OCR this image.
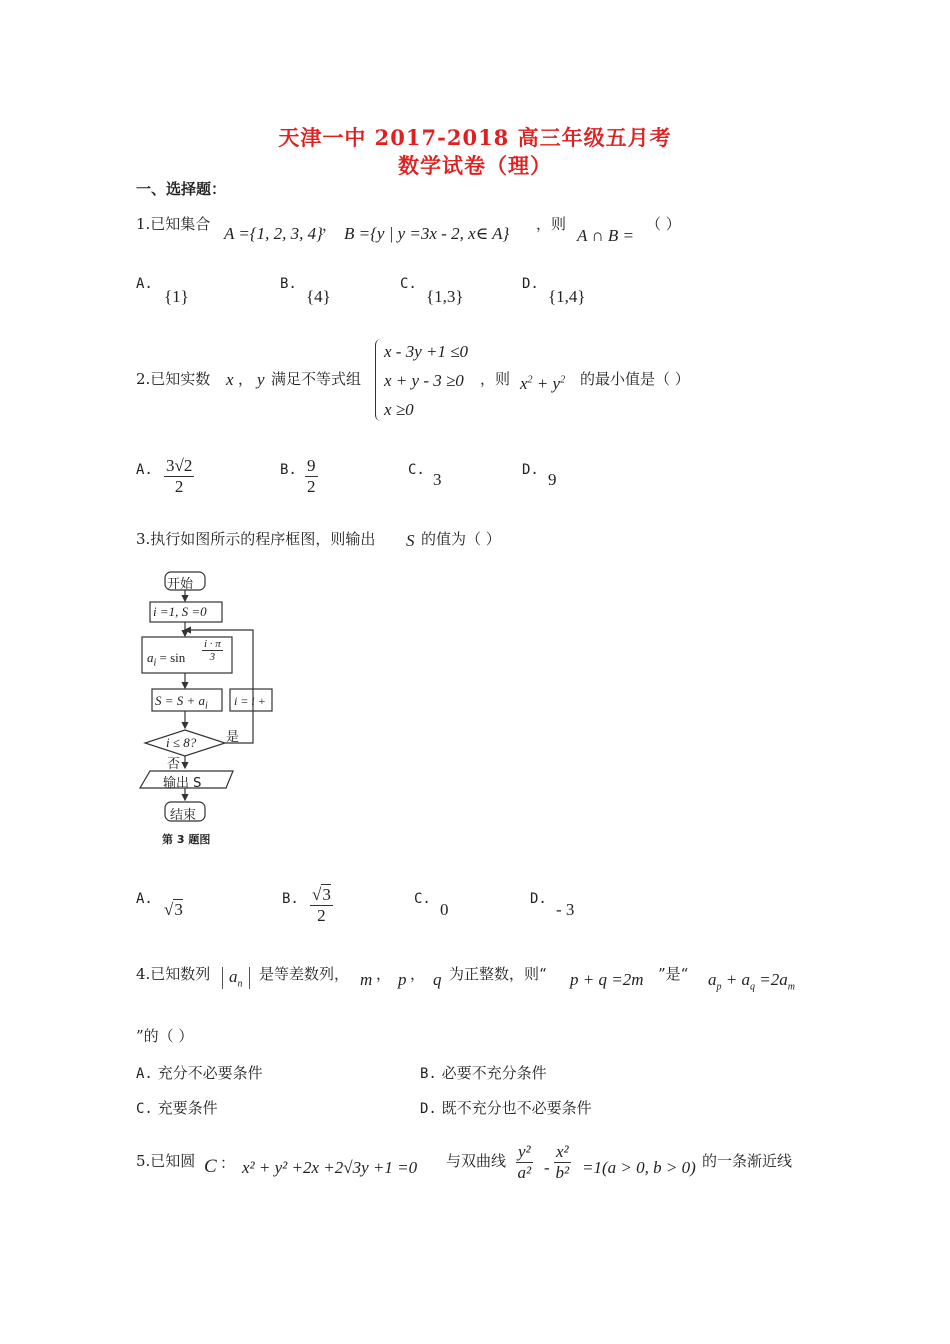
天津一中 2017-2018 高三年级五月考
数学试卷（理）
一、选择题：
1.已知集合 A ={1, 2, 3, 4} ， B ={y | y =3x - 2, x∈ A} ，则
A ∩ B =
（ ）
A.
{1}
B.
{4}
C.
{1,3}
D.
{1,4}
2.已知实数 x ， y 满足不等式组
x - 3y +1 ≤0
x + y - 3 ≥0
x ≥0
，则 $x^2 + y^2$ 的最小值是（ ）
A. $\frac{3√2}{2}$	B. $\frac{9}{2}$	C. 3	D. 9
3.执行如图所示的程序框图，则输出 S 的值为（ ）
开始
i =1, S =0
$a_i = \sin \frac{i \cdot \pi}{3}$
$S = S + a_i$ i = i +
i ≤ 8? 是
否
输出 S
结束
第 3 题图
A.
√3
B. $\frac{√3}{2}$	C.
0
D.
- 3
4.已知数列	$a_n$
是等差数列， m ， p ， q 为正整数，则“ p + q =2m ”是“ $a_p + a_q =2a_m$
”的（ ）
A. 充分不必要条件	B. 必要不充分条件
C. 充要条件	D. 既不充分也不必要条件
5.已知圆 C ： x² + y² +2x +2√3y +1 =0 与双曲线 $\frac{\text{y²}}{\text{a²}} - \frac{\text{x²}}{\text{b²}} =1(a > 0$, b > 0) 的一条渐近线
